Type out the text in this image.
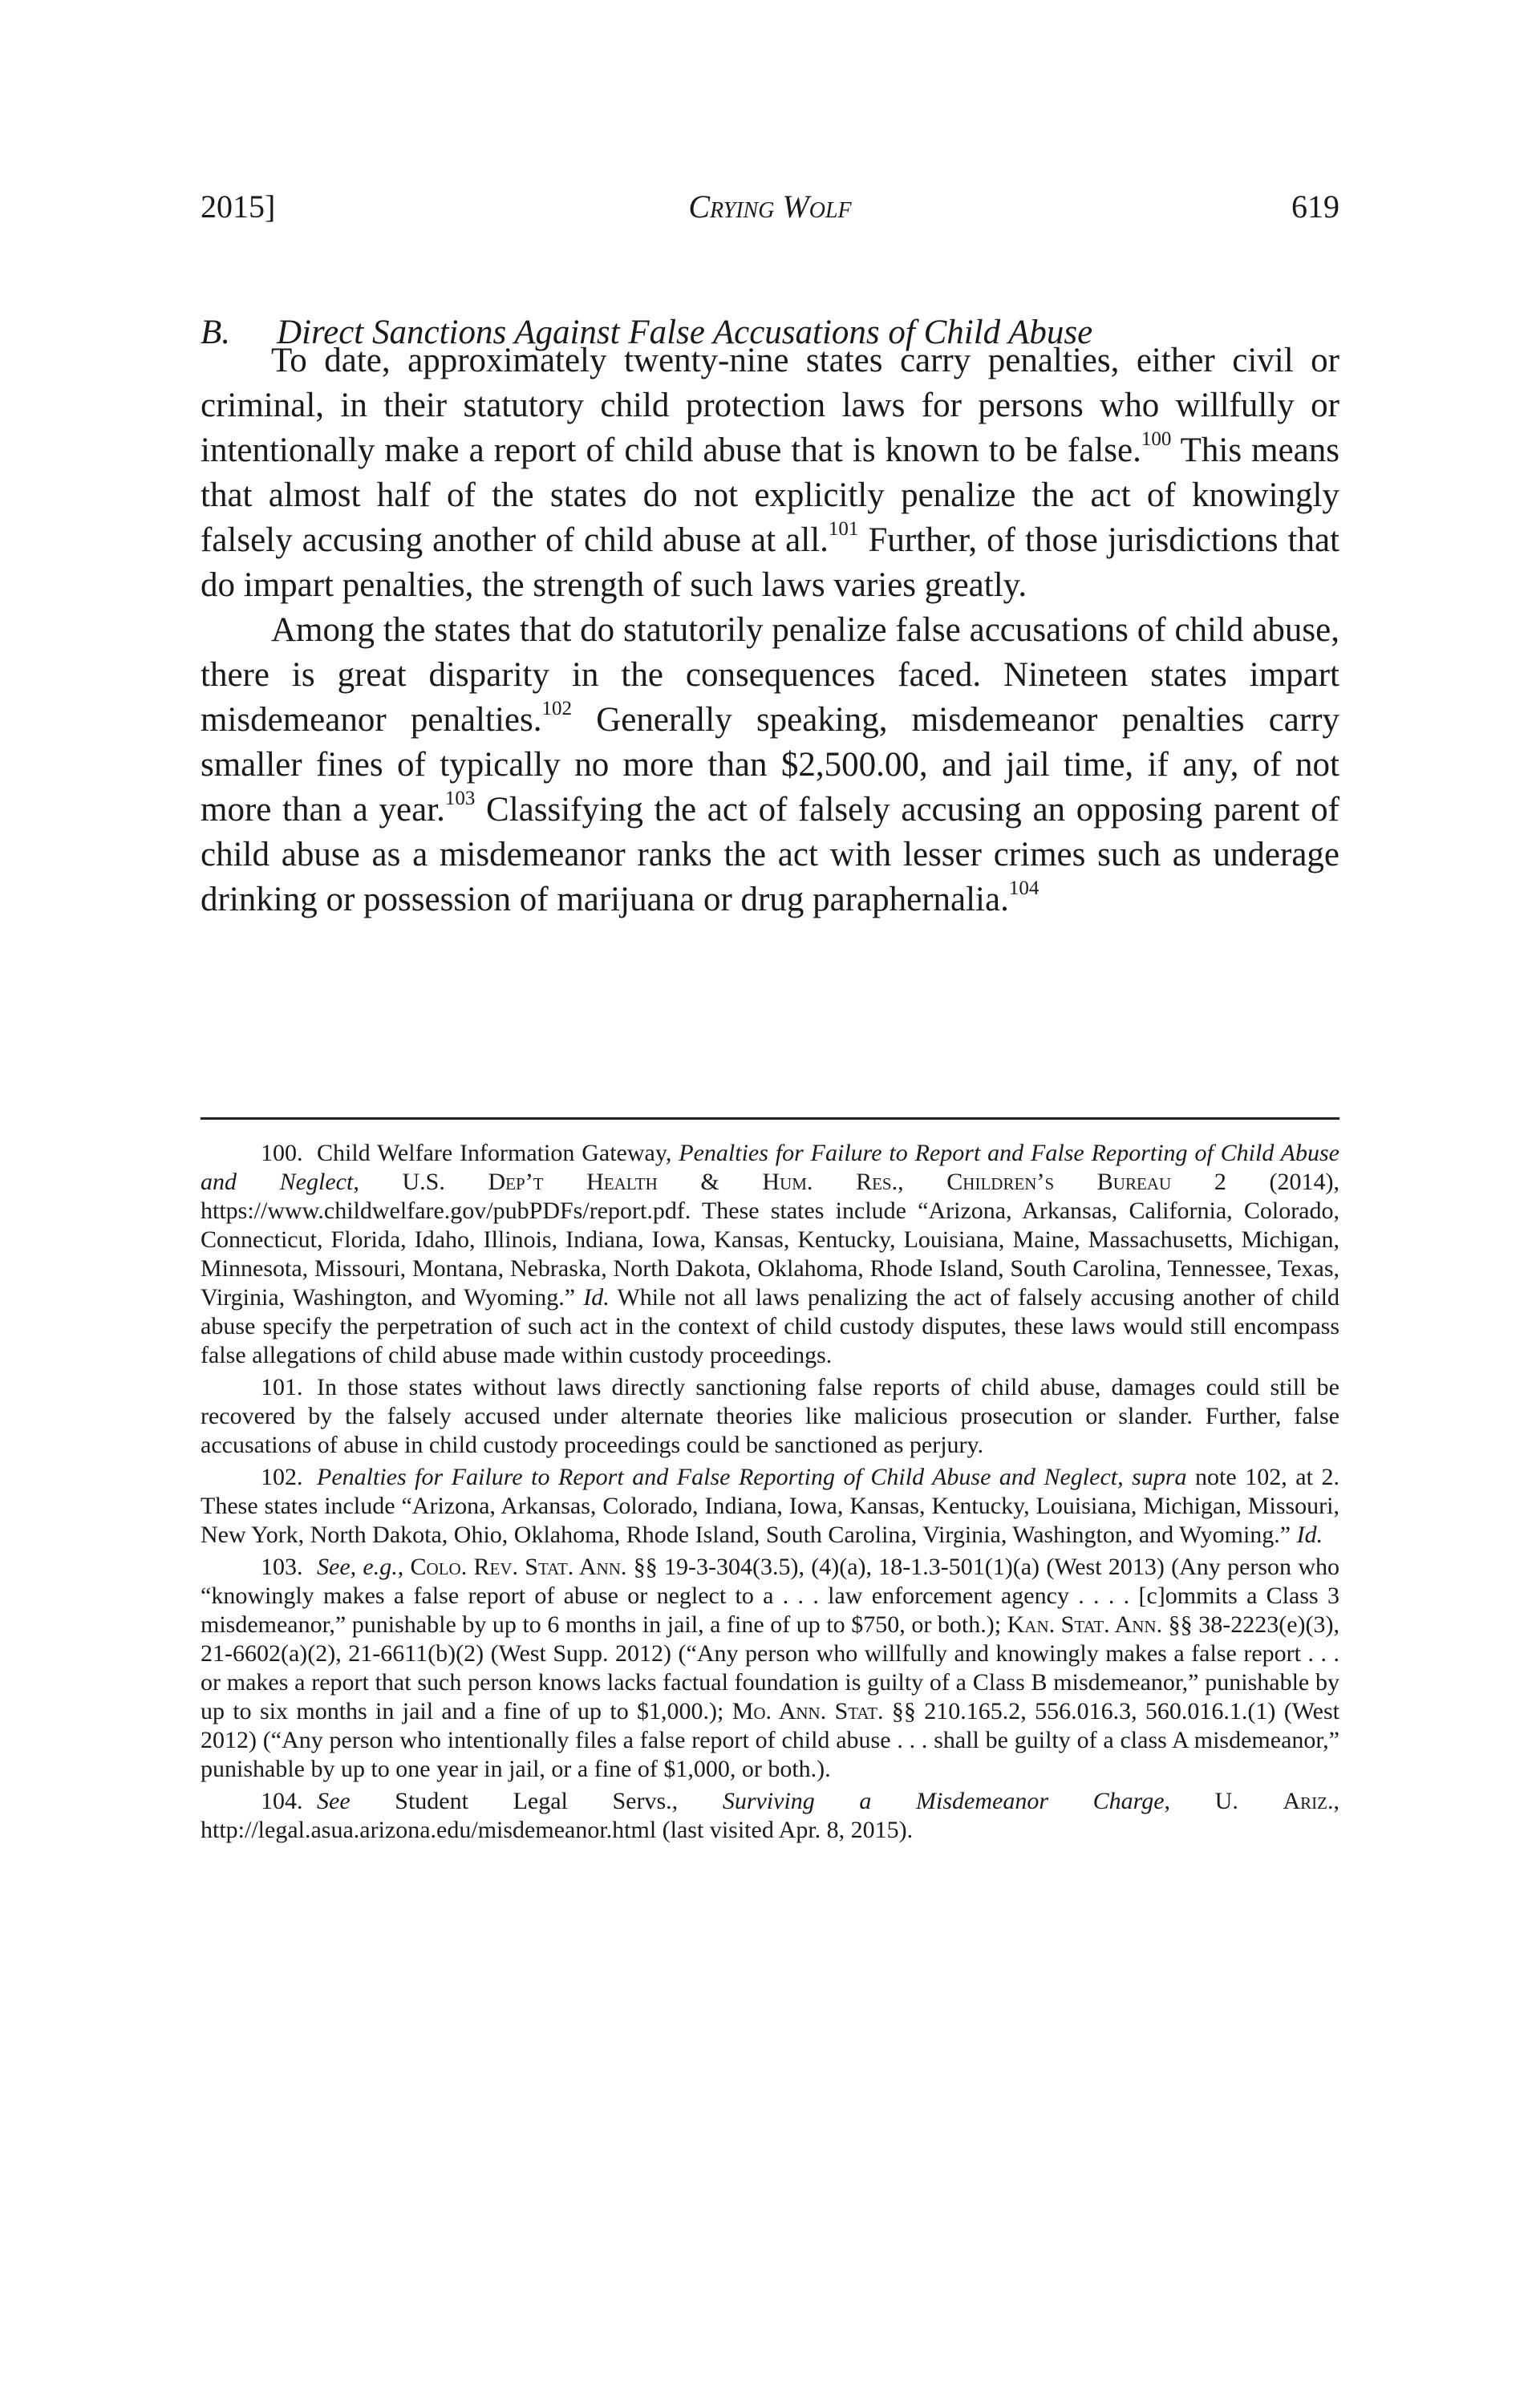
2015]	Crying Wolf	619
B. Direct Sanctions Against False Accusations of Child Abuse

To date, approximately twenty-nine states carry penalties, either civil or criminal, in their statutory child protection laws for persons who willfully or intentionally make a report of child abuse that is known to be false.$^{100}$ This means that almost half of the states do not explicitly penalize the act of knowingly falsely accusing another of child abuse at all.$^{101}$ Further, of those jurisdictions that do impart penalties, the strength of such laws varies greatly.

Among the states that do statutorily penalize false accusations of child abuse, there is great disparity in the consequences faced. Nineteen states impart misdemeanor penalties.$^{102}$ Generally speaking, misdemeanor penalties carry smaller fines of typically no more than $2,500.00, and jail time, if any, of not more than a year.$^{103}$ Classifying the act of falsely accusing an opposing parent of child abuse as a misdemeanor ranks the act with lesser crimes such as underage drinking or possession of marijuana or drug paraphernalia.$^{104}$

100. Child Welfare Information Gateway, Penalties for Failure to Report and False Reporting of Child Abuse and Neglect, U.S. Dep’t Health & Hum. Res., Children’s Bureau 2 (2014), https://www.childwelfare.gov/pubPDFs/report.pdf. These states include “Arizona, Arkansas, California, Colorado, Connecticut, Florida, Idaho, Illinois, Indiana, Iowa, Kansas, Kentucky, Louisiana, Maine, Massachusetts, Michigan, Minnesota, Missouri, Montana, Nebraska, North Dakota, Oklahoma, Rhode Island, South Carolina, Tennessee, Texas, Virginia, Washington, and Wyoming.” Id. While not all laws penalizing the act of falsely accusing another of child abuse specify the perpetration of such act in the context of child custody disputes, these laws would still encompass false allegations of child abuse made within custody proceedings.

101. In those states without laws directly sanctioning false reports of child abuse, damages could still be recovered by the falsely accused under alternate theories like malicious prosecution or slander. Further, false accusations of abuse in child custody proceedings could be sanctioned as perjury.

102. Penalties for Failure to Report and False Reporting of Child Abuse and Neglect, supra note 102, at 2. These states include “Arizona, Arkansas, Colorado, Indiana, Iowa, Kansas, Kentucky, Louisiana, Michigan, Missouri, New York, North Dakota, Ohio, Oklahoma, Rhode Island, South Carolina, Virginia, Washington, and Wyoming.” Id.

103. See, e.g., Colo. Rev. Stat. Ann. §§ 19-3-304(3.5), (4)(a), 18-1.3-501(1)(a) (West 2013) (Any person who “knowingly makes a false report of abuse or neglect to a . . . law enforcement agency . . . . [c]ommits a Class 3 misdemeanor,” punishable by up to 6 months in jail, a fine of up to $750, or both.); Kan. Stat. Ann. §§ 38-2223(e)(3), 21-6602(a)(2), 21-6611(b)(2) (West Supp. 2012) (“Any person who willfully and knowingly makes a false report . . . or makes a report that such person knows lacks factual foundation is guilty of a Class B misdemeanor,” punishable by up to six months in jail and a fine of up to $1,000.); Mo. Ann. Stat. §§ 210.165.2, 556.016.3, 560.016.1.(1) (West 2012) (“Any person who intentionally files a false report of child abuse . . . shall be guilty of a class A misdemeanor,” punishable by up to one year in jail, or a fine of $1,000, or both.).

104. See Student Legal Servs., Surviving a Misdemeanor Charge, U. Ariz., http://legal.asua.arizona.edu/misdemeanor.html (last visited Apr. 8, 2015).
